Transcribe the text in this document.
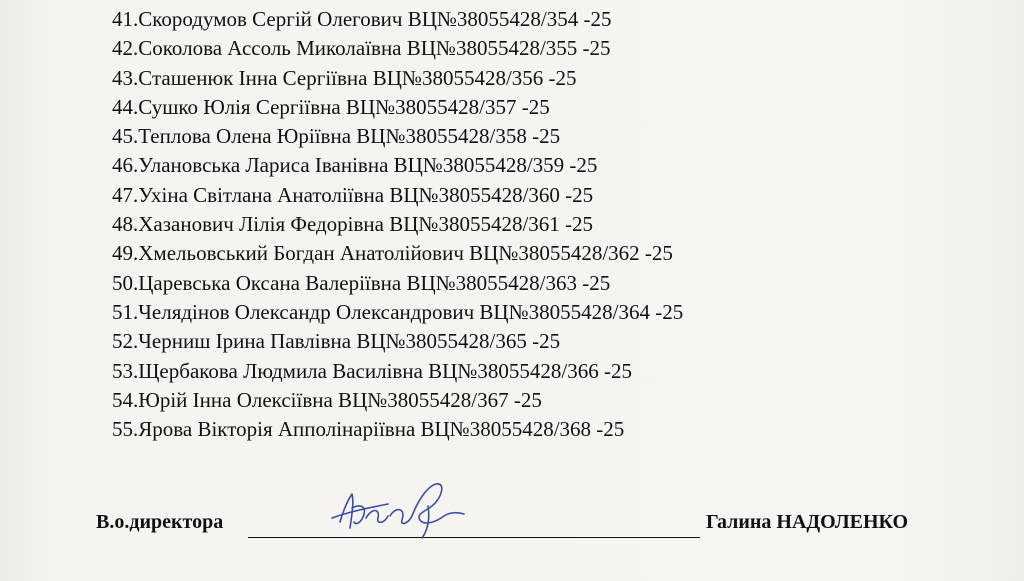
41.Скородумов Сергій Олегович ВЦ№38055428/354 -25
42.Соколова Ассоль Миколаївна ВЦ№38055428/355 -25
43.Сташенюк Інна Сергіївна ВЦ№38055428/356 -25
44.Сушко Юлія Сергіївна ВЦ№38055428/357 -25
45.Теплова Олена Юріївна ВЦ№38055428/358 -25
46.Улановська Лариса Іванівна ВЦ№38055428/359 -25
47.Ухіна Світлана Анатоліївна ВЦ№38055428/360 -25
48.Хазанович Лілія Федорівна ВЦ№38055428/361 -25
49.Хмельовський Богдан Анатолійович ВЦ№38055428/362 -25
50.Царевська Оксана Валеріївна ВЦ№38055428/363 -25
51.Челядінов Олександр Олександрович ВЦ№38055428/364 -25
52.Черниш Ірина Павлівна ВЦ№38055428/365 -25
53.Щербакова Людмила Василівна ВЦ№38055428/366 -25
54.Юрій Інна Олексіївна ВЦ№38055428/367 -25
55.Ярова Вікторія Апполінаріївна ВЦ№38055428/368 -25
В.о.директора	Галина НАДОЛЕНКО
